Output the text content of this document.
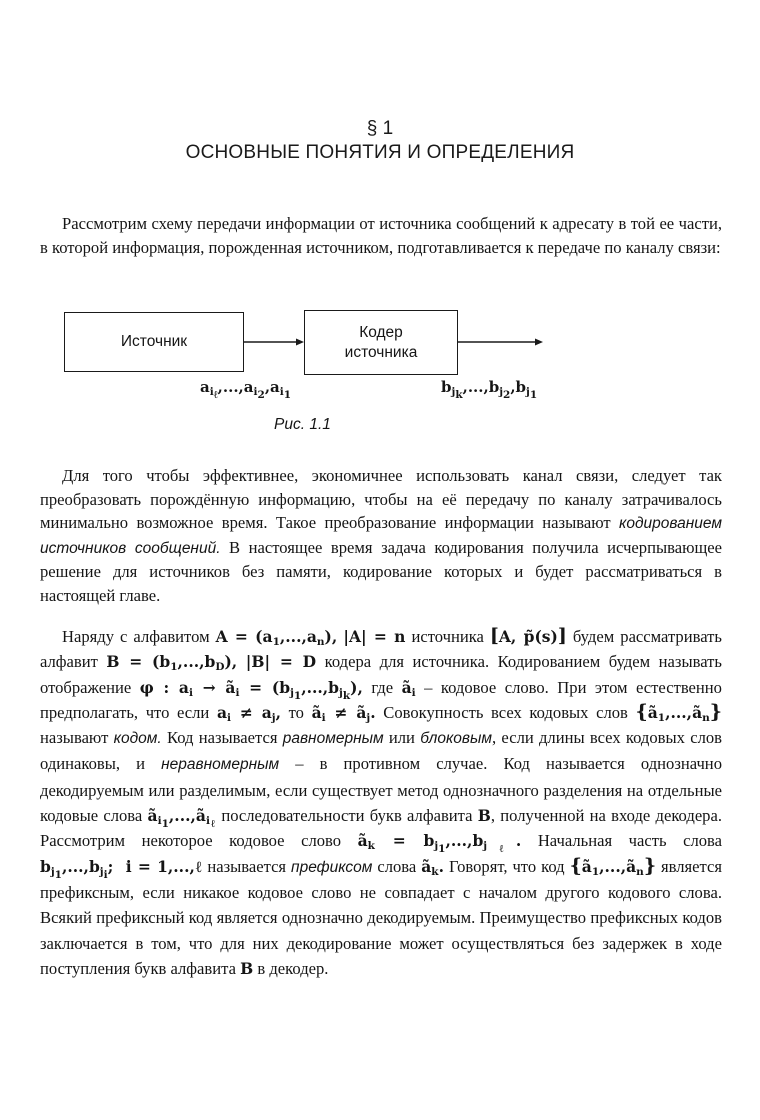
§ 1
ОСНОВНЫЕ ПОНЯТИЯ И ОПРЕДЕЛЕНИЯ

Рассмотрим схему передачи информации от источника сообщений к адресату в той ее части, в которой информация, порожденная источником, подготавливается к передаче по каналу связи:

Источник
Кодер
источника
$a_{i_\ell},...,a_{i_2},a_{i_1}$	$b_{j_k},...,b_{j_2},b_{j_1}$
Рис. 1.1

Для того чтобы эффективнее, экономичнее использовать канал связи, следует так преобразовать порождённую информацию, чтобы на её передачу по каналу затрачивалось минимально возможное время. Такое преобразование информации называют кодированием источников сообщений. В настоящее время задача кодирования получила исчерпывающее решение для источников без памяти, кодирование которых и будет рассматриваться в настоящей главе.

Наряду с алфавитом $A = (a_1,...,a_n)$, |A| = n источника [A, p̃(s)] будем рассматривать алфавит $B = (b_1,...,b_D)$, |B| = D кодера для источника. Кодированием будем называть отображение φ : $a_i$ → $ã_i = (b_{j_1},...,b_{j_k})$, где $ã_i$ – кодовое слово. При этом естественно предполагать, что если $a_i \ne a_j$, то $ã_i$ ≠ $ã_j$. Совокупность всех кодовых слов $\{ã_1,...,ã_n\}$ называют кодом. Код называется равномерным или блоковым, если длины всех кодовых слов одинаковы, и неравномерным – в противном случае. Код называется однозначно декодируемым или разделимым, если существует метод однозначного разделения на отдельные кодовые слова $ã_{i_1},...,ã_{i_\ell}$ последовательности букв алфавита B, полученной на входе декодера. Рассмотрим некоторое кодовое слово $ã_k = b_{j_1},...,b_{j_\ell}$. Начальная часть слова $b_{j_1},...,b_{j_i}$;  i = 1,...,ℓ называется префиксом слова $ã_k$. Говорят, что код $\{ã_1,...,ã_n\}$ является префиксным, если никакое кодовое слово не совпадает с началом другого кодового слова. Всякий префиксный код является однозначно декодируемым. Преимущество префиксных кодов заключается в том, что для них декодирование может осуществляться без задержек в ходе поступления букв алфавита B в декодер.
